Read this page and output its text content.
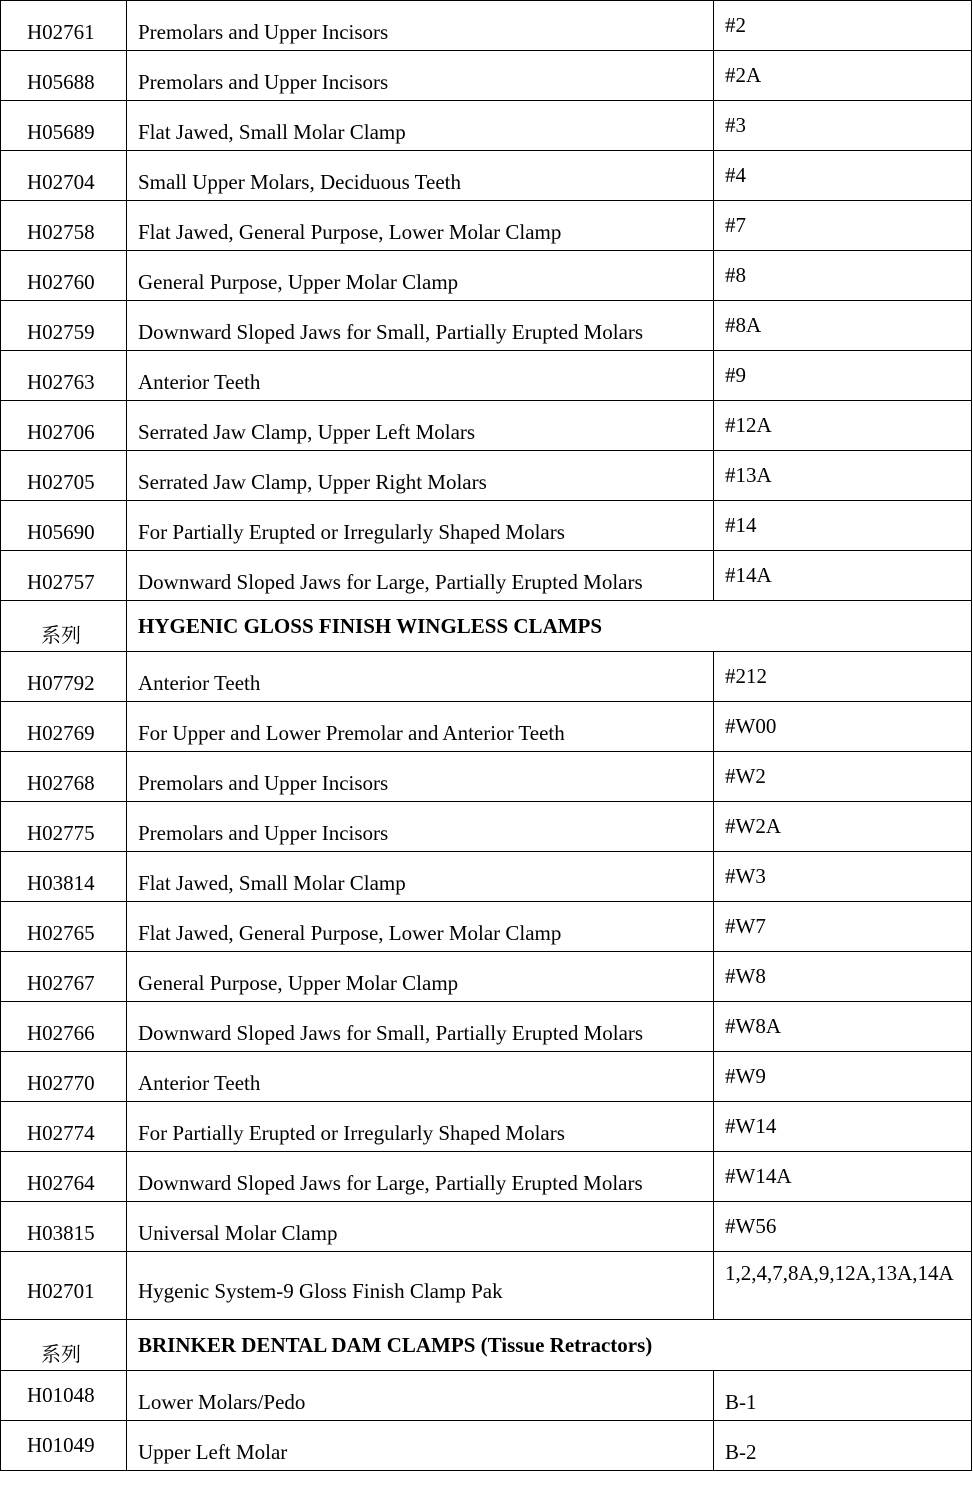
H02761	Premolars and Upper Incisors	#2
H05688	Premolars and Upper Incisors	#2A
H05689	Flat Jawed, Small Molar Clamp	#3
H02704	Small Upper Molars, Deciduous Teeth	#4
H02758	Flat Jawed, General Purpose, Lower Molar Clamp	#7
H02760	General Purpose, Upper Molar Clamp	#8
H02759	Downward Sloped Jaws for Small, Partially Erupted Molars	#8A
H02763	Anterior Teeth	#9
H02706	Serrated Jaw Clamp, Upper Left Molars	#12A
H02705	Serrated Jaw Clamp, Upper Right Molars	#13A
H05690	For Partially Erupted or Irregularly Shaped Molars	#14
H02757	Downward Sloped Jaws for Large, Partially Erupted Molars	#14A
系列	HYGENIC GLOSS FINISH WINGLESS CLAMPS	
H07792	Anterior Teeth	#212
H02769	For Upper and Lower Premolar and Anterior Teeth	#W00
H02768	Premolars and Upper Incisors	#W2
H02775	Premolars and Upper Incisors	#W2A
H03814	Flat Jawed, Small Molar Clamp	#W3
H02765	Flat Jawed, General Purpose, Lower Molar Clamp	#W7
H02767	General Purpose, Upper Molar Clamp	#W8
H02766	Downward Sloped Jaws for Small, Partially Erupted Molars	#W8A
H02770	Anterior Teeth	#W9
H02774	For Partially Erupted or Irregularly Shaped Molars	#W14
H02764	Downward Sloped Jaws for Large, Partially Erupted Molars	#W14A
H03815	Universal Molar Clamp	#W56
H02701	Hygenic System-9 Gloss Finish Clamp Pak	1,2,4,7,8A,9,12A,13A,14A
系列	BRINKER DENTAL DAM CLAMPS (Tissue Retractors)	
H01048	Lower Molars/Pedo	B-1
H01049	Upper Left Molar	B-2
